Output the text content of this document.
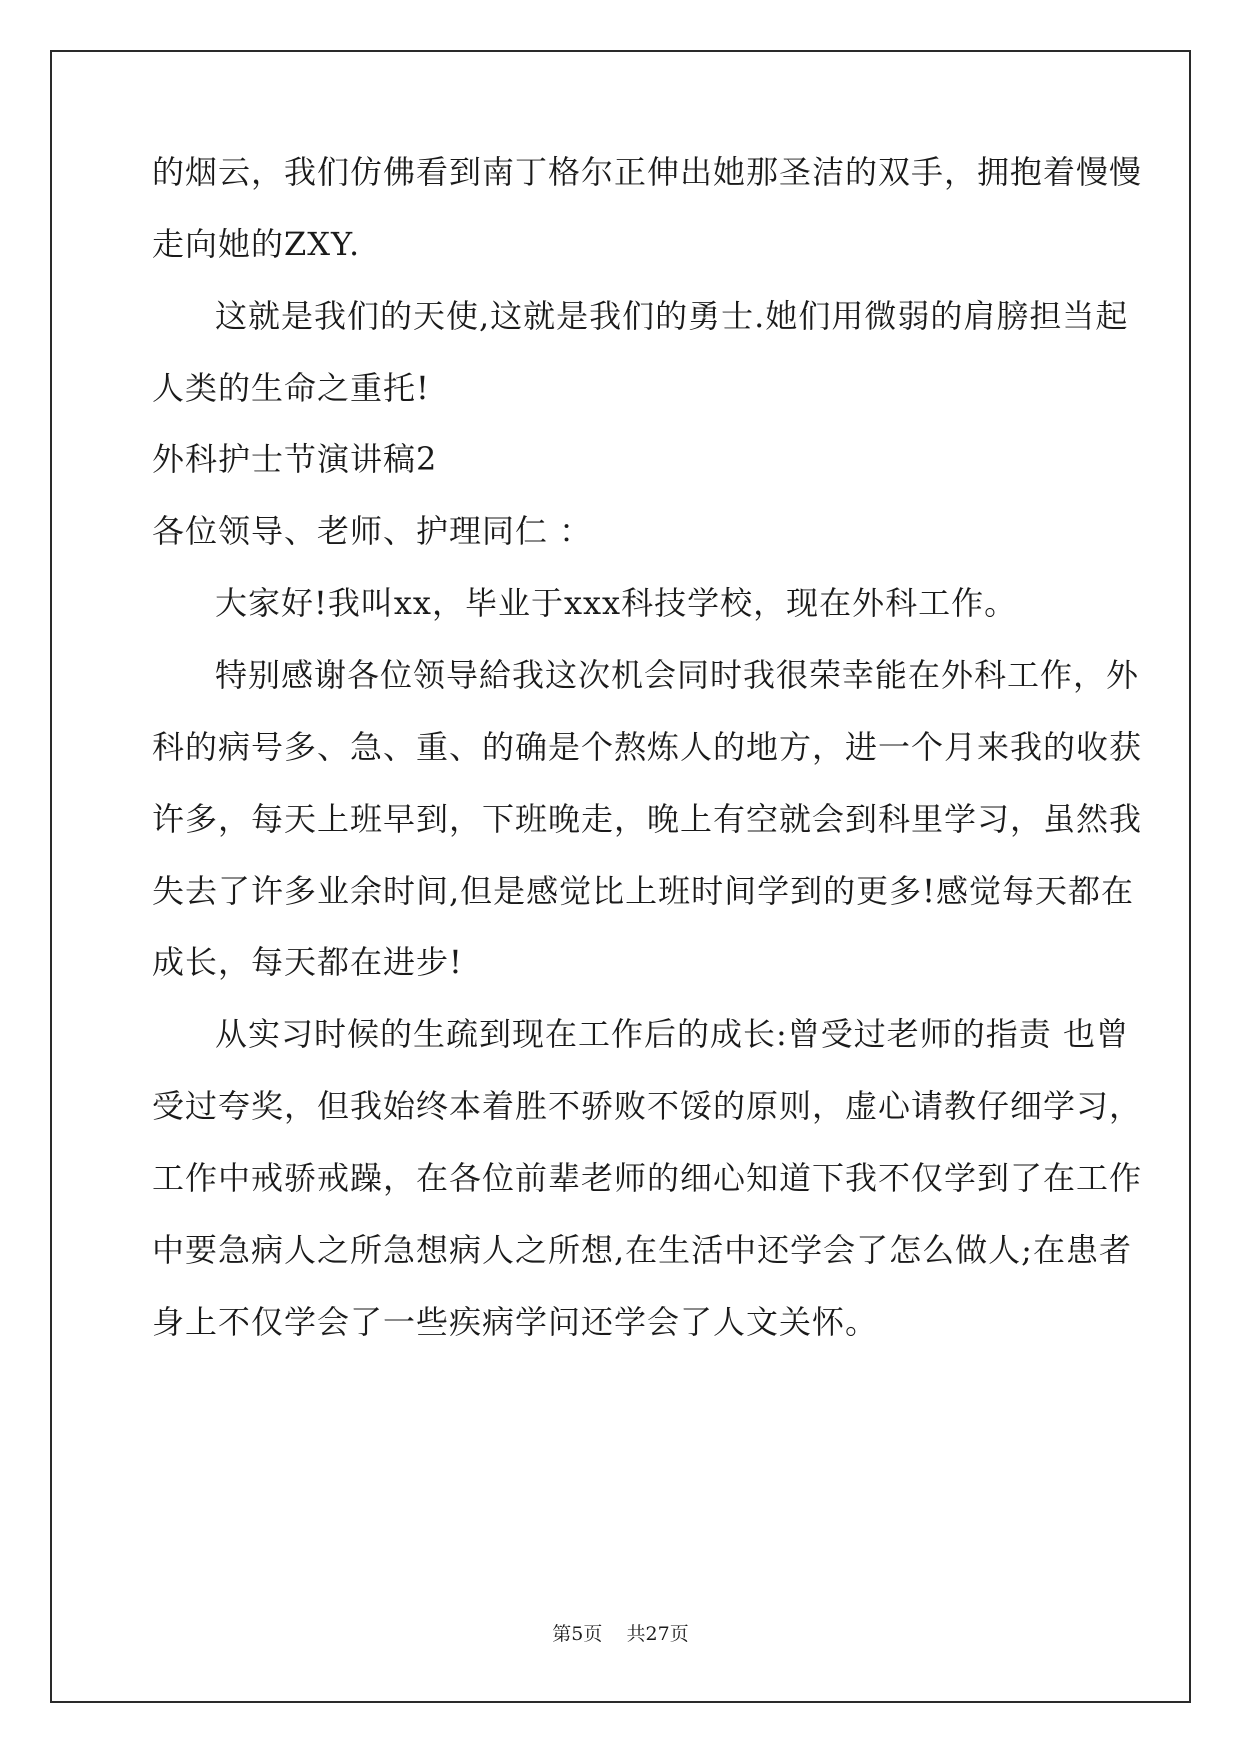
的烟云，我们仿佛看到南丁格尔正伸出她那圣洁的双手，拥抱着慢慢
走向她的ZXY.
这就是我们的天使,这就是我们的勇士.她们用微弱的肩膀担当起
人类的生命之重托!
外科护士节演讲稿2
各位领导、老师、护理同仁 ：
大家好!我叫xx，毕业于xxx科技学校，现在外科工作。
特别感谢各位领导給我这次机会同时我很荣幸能在外科工作，外
科的病号多、急、重、的确是个熬炼人的地方，进一个月来我的收获
许多，每天上班早到，下班晚走，晚上有空就会到科里学习，虽然我
失去了许多业余时间,但是感觉比上班时间学到的更多!感觉每天都在
成长，每天都在进步!
从实习时候的生疏到现在工作后的成长:曾受过老师的指责 也曾
受过夸奖，但我始终本着胜不骄败不馁的原则，虚心请教仔细学习，
工作中戒骄戒躁，在各位前辈老师的细心知道下我不仅学到了在工作
中要急病人之所急想病人之所想,在生活中还学会了怎么做人;在患者
身上不仅学会了一些疾病学问还学会了人文关怀。
第5页    共27页
